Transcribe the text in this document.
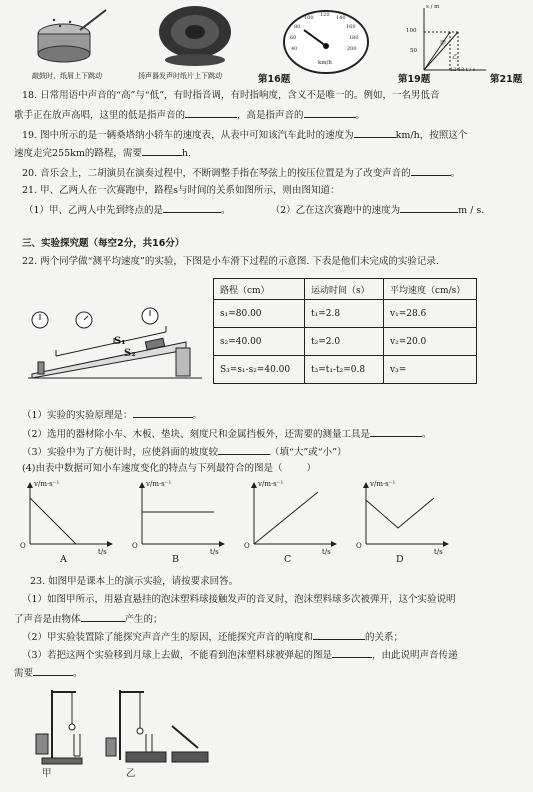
敲鼓时，纸屑上下跳动	扬声器发声时纸片上下跳动	第16题
40
60
80
100 120 140
160
180
200
km/h
第19题
s / m
100
50
甲
乙
12 13 t / s
第21题
18. 日常用语中声音的“高”与“低”，有时指音调，有时指响度，含义不是唯一的。例如，一名男低音
歌手正在放声高唱，这里的低是指声音的	，高是指声音的	。
19. 图中所示的是一辆桑塔纳小轿车的速度表，从表中可知该汽车此时的速度为	km/h，按照这个
速度走完255km的路程，需要	h.
20. 音乐会上，二胡演员在演奏过程中，不断调整手指在琴弦上的按压位置是为了改变声音的	。
21. 甲、乙两人在一次赛跑中，路程s与时间的关系如图所示，则由图知道：
（1）甲、乙两人中先到终点的是	。	（2）乙在这次赛跑中的速度为	m / s.
三、实验探究题（每空2分，共16分）
22. 两个同学做“测平均速度”的实验，下图是小车滑下过程的示意图. 下表是他们未完成的实验记录.
S₁
S₂
路程（cm）	运动时间（s）	平均速度（cm/s）
s₁=80.00	t₁=2.8	v₁=28.6
s₂=40.00	t₂=2.0	v₂=20.0
S₃=s₁-s₂=40.00	t₃=t₁-t₂=0.8	v₃=
（1）实验的实验原理是：	。
（2）选用的器材除小车、木板、垫块、刻度尺和金属挡板外，还需要的测量工具是	。
（3）实验中为了方便计时，应使斜面的坡度较	（填“大”或“小”）
(4)由表中数据可知小车速度变化的特点与下列最符合的图是（	）
v/m·s⁻¹
t/s
O
A
v/m·s⁻¹
t/s
O
B
v/m·s⁻¹
t/s
O
C
v/m·s⁻¹
t/s
O
D
23. 如图甲是课本上的演示实验，请按要求回答。
（1）如图甲所示，用悬直悬挂的泡沫塑料球接触发声的音叉时，泡沫塑料球多次被弹开，这个实验说明
了声音是由物体	产生的；
（2）甲实验装置除了能探究声音产生的原因，还能探究声音的响度和	的关系；
（3）若把这两个实验移到月球上去做，不能看到泡沫塑料球被弹起的图是	，由此说明声音传递
需要	。
甲	乙
